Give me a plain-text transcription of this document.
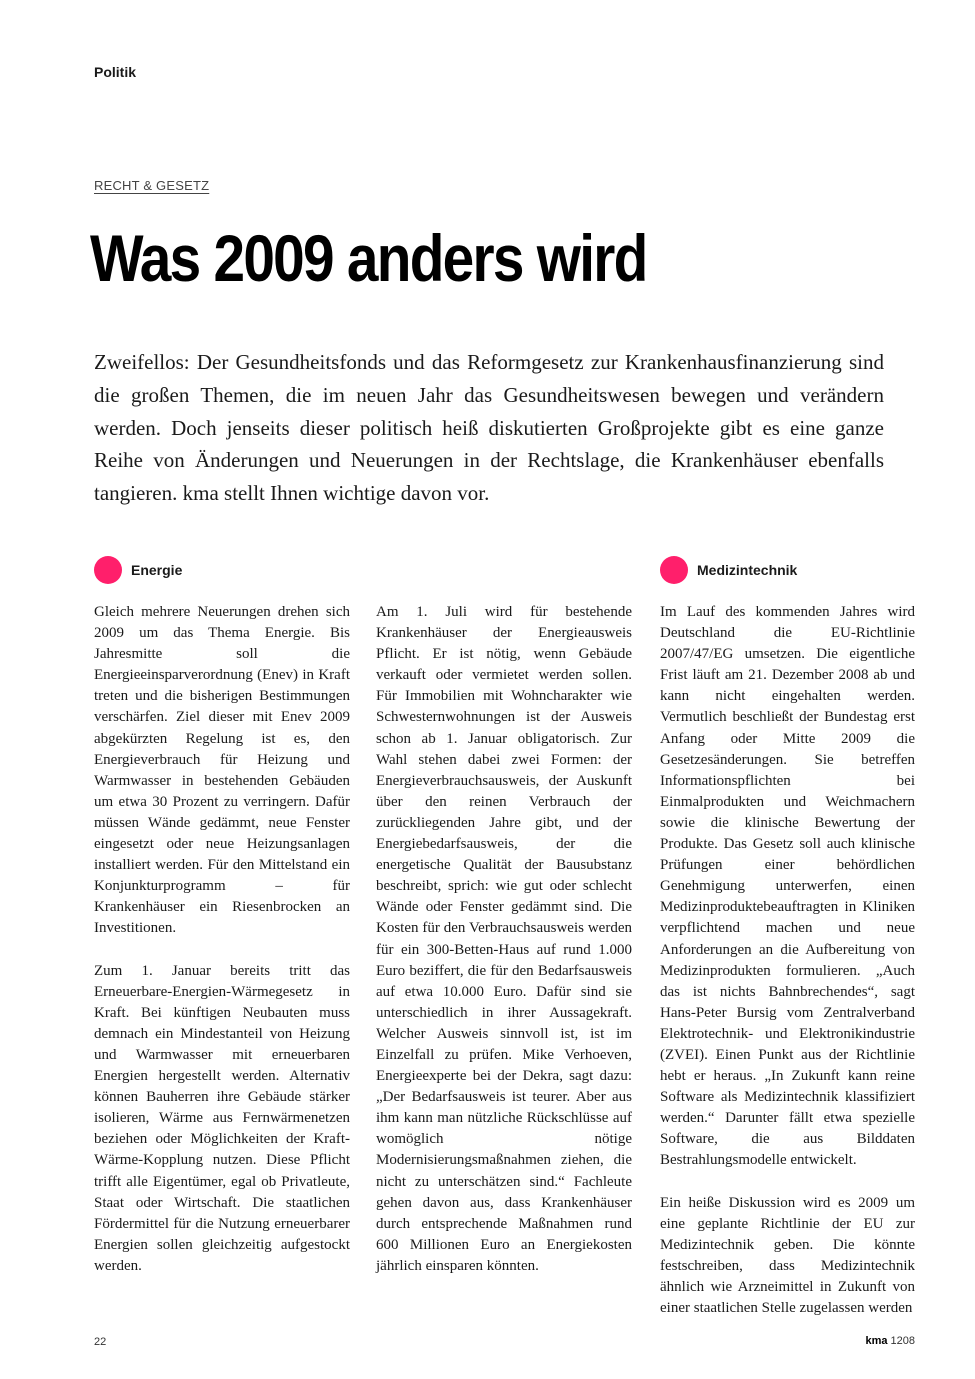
Politik
RECHT & GESETZ
Was 2009 anders wird

Zweifellos: Der Gesundheitsfonds und das Reformgesetz zur Krankenhausfinanzierung sind die großen Themen, die im neuen Jahr das Gesundheitswesen bewegen und verändern werden. Doch jenseits dieser politisch heiß diskutierten Großprojekte gibt es eine ganze Reihe von Änderungen und Neuerungen in der Rechtslage, die Krankenhäuser ebenfalls tangieren. kma stellt Ihnen wichtige davon vor.

Energie	Medizintechnik

Gleich mehrere Neuerungen drehen sich 2009 um das Thema Energie. Bis Jahresmitte soll die Energieeinsparverordnung (Enev) in Kraft treten und die bisherigen Bestimmungen verschärfen. Ziel dieser mit Enev 2009 abgekürzten Regelung ist es, den Energieverbrauch für Heizung und Warmwasser in bestehenden Gebäuden um etwa 30 Prozent zu verringern. Dafür müssen Wände gedämmt, neue Fenster eingesetzt oder neue Heizungsanlagen installiert werden. Für den Mittelstand ein Konjunkturprogramm – für Krankenhäuser ein Riesenbrocken an Investitionen.

Zum 1. Januar bereits tritt das Erneuerbare-Energien-Wärmegesetz in Kraft. Bei künftigen Neubauten muss demnach ein Mindestanteil von Heizung und Warmwasser mit erneuerbaren Energien hergestellt werden. Alternativ können Bauherren ihre Gebäude stärker isolieren, Wärme aus Fernwärmenetzen beziehen oder Möglichkeiten der Kraft-Wärme-Kopplung nutzen. Diese Pflicht trifft alle Eigentümer, egal ob Privatleute, Staat oder Wirtschaft. Die staatlichen Fördermittel für die Nutzung erneuerbarer Energien sollen gleichzeitig aufgestockt werden.

Am 1. Juli wird für bestehende Krankenhäuser der Energieausweis Pflicht. Er ist nötig, wenn Gebäude verkauft oder vermietet werden sollen. Für Immobilien mit Wohncharakter wie Schwesternwohnungen ist der Ausweis schon ab 1. Januar obligatorisch. Zur Wahl stehen dabei zwei Formen: der Energieverbrauchsausweis, der Auskunft über den reinen Verbrauch der zurückliegenden Jahre gibt, und der Energiebedarfsausweis, der die energetische Qualität der Bausubstanz beschreibt, sprich: wie gut oder schlecht Wände oder Fenster gedämmt sind. Die Kosten für den Verbrauchsausweis werden für ein 300-Betten-Haus auf rund 1.000 Euro beziffert, die für den Bedarfsausweis auf etwa 10.000 Euro. Dafür sind sie unterschiedlich in ihrer Aussagekraft. Welcher Ausweis sinnvoll ist, ist im Einzelfall zu prüfen. Mike Verhoeven, Energieexperte bei der Dekra, sagt dazu: „Der Bedarfsausweis ist teurer. Aber aus ihm kann man nützliche Rückschlüsse auf womöglich nötige Modernisierungsmaßnahmen ziehen, die nicht zu unterschätzen sind.“ Fachleute gehen davon aus, dass Krankenhäuser durch entsprechende Maßnahmen rund 600 Millionen Euro an Energiekosten jährlich einsparen könnten.

Im Lauf des kommenden Jahres wird Deutschland die EU-Richtlinie 2007/47/EG umsetzen. Die eigentliche Frist läuft am 21. Dezember 2008 ab und kann nicht eingehalten werden. Vermutlich beschließt der Bundestag erst Anfang oder Mitte 2009 die Gesetzesänderungen. Sie betreffen Informationspflichten bei Einmalprodukten und Weichmachern sowie die klinische Bewertung der Produkte. Das Gesetz soll auch klinische Prüfungen einer behördlichen Genehmigung unterwerfen, einen Medizinproduktebeauftragten in Kliniken verpflichtend machen und neue Anforderungen an die Aufbereitung von Medizinprodukten formulieren. „Auch das ist nichts Bahnbrechendes“, sagt Hans-Peter Bursig vom Zentralverband Elektrotechnik- und Elektronikindustrie (ZVEI). Einen Punkt aus der Richtlinie hebt er heraus. „In Zukunft kann reine Software als Medizintechnik klassifiziert werden.“ Darunter fällt etwa spezielle Software, die aus Bilddaten Bestrahlungsmodelle entwickelt.

Ein heiße Diskussion wird es 2009 um eine geplante Richtlinie der EU zur Medizintechnik geben. Die könnte festschreiben, dass Medizintechnik ähnlich wie Arzneimittel in Zukunft von einer staatlichen Stelle zugelassen werden

22	kma 1208
